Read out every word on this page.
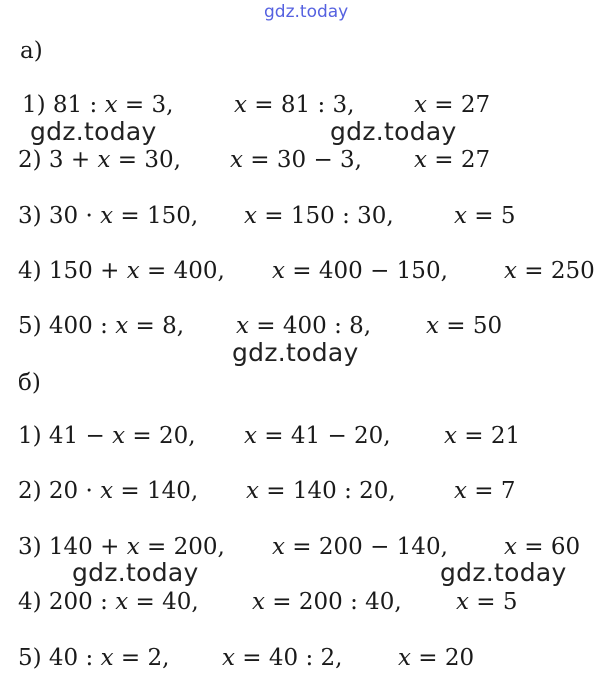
gdz.today
а)
1) 81 : x = 3,	x = 81 : 3,	x = 27
2) 3 + x = 30, x = 30 − 3, x = 27
3) 30 · x = 150, x = 150 : 30,	x = 5
4) 150 + x = 400, x = 400 − 150, x = 250
5) 400 : x = 8, x = 400 : 8, x = 50
б)
1) 41 − x = 20, x = 41 − 20, x = 21
2) 20 · x = 140, x = 140 : 20,	x = 7
3) 140 + x = 200, x = 200 − 140, x = 60
4) 200 : x = 40, x = 200 : 40, x = 5
5) 40 : x = 2, x = 40 : 2, x = 20
gdz.today	gdz.today
gdz.today
gdz.today	gdz.today
